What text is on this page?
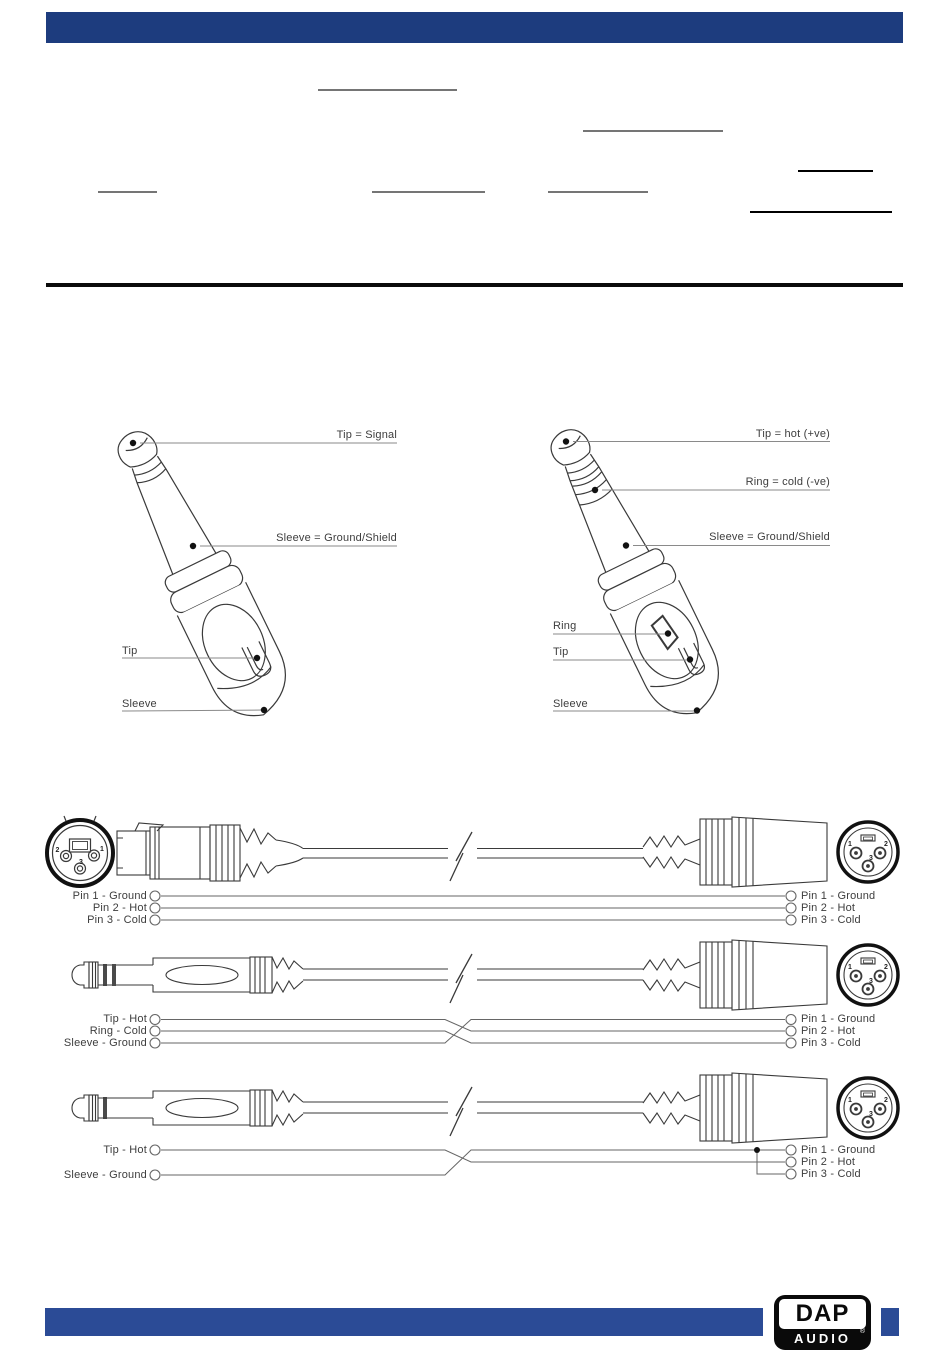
3
2	1
3
Tip = Signal
Sleeve = Ground/Shield
Tip
Sleeve
Tip = hot (+ve)
Ring = cold (-ve)
Sleeve = Ground/Shield
Ring
Tip
Sleeve
Pin 1 - Ground
Pin 2 - Hot
Pin 3 - Cold
Pin 1 - Ground
Pin 2 - Hot
Pin 3 - Cold
Tip - Hot
Ring - Cold
Sleeve - Ground
Pin 1 - Ground
Pin 2 - Hot
Pin 3 - Cold
Tip - Hot
Sleeve - Ground
Pin 1 - Ground
Pin 2 - Hot
Pin 3 - Cold
DAP
®
AUDIO
